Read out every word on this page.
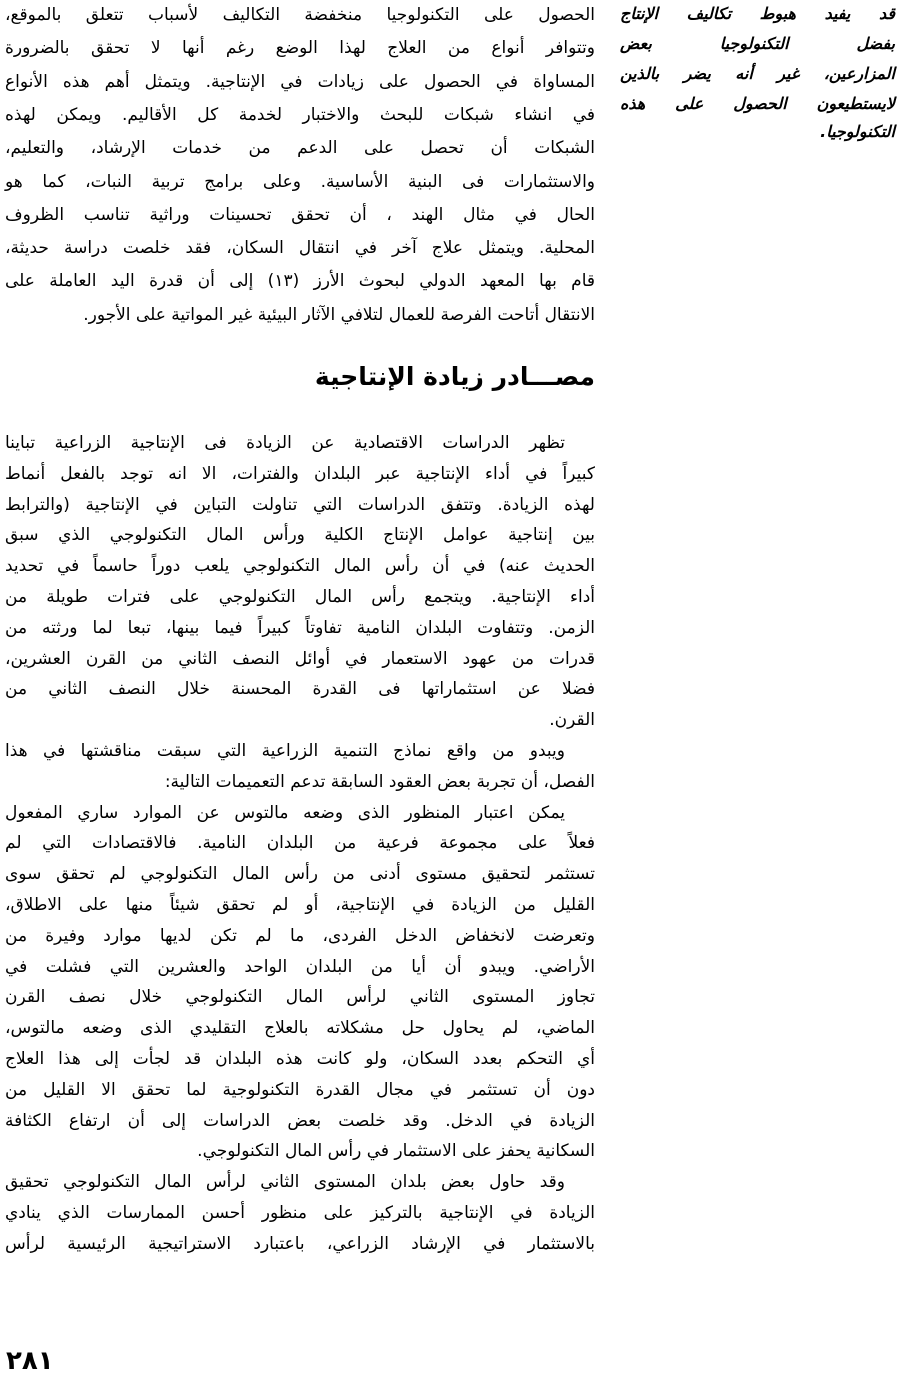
قد يفيد هبوط تكاليف الإنتاج
بفضل التكنولوجيا بعض
المزارعين، غير أنه يضر بالذين
لايستطيعون الحصول على هذه
التكنولوجيا.
الحصول على التكنولوجيا منخفضة التكاليف لأسباب تتعلق بالموقع،
وتتوافر أنواع من العلاج لهذا الوضع رغم أنها لا تحقق بالضرورة
المساواة في الحصول على زيادات في الإنتاجية. ويتمثل أهم هذه الأنواع
في انشاء شبكات للبحث والاختبار لخدمة كل الأقاليم. ويمكن لهذه
الشبكات أن تحصل على الدعم من خدمات الإرشاد، والتعليم،
والاستثمارات فى البنية الأساسية. وعلى برامج تربية النبات، كما هو
الحال في مثال الهند ، أن تحقق تحسينات وراثية تناسب الظروف
المحلية. ويتمثل علاج آخر في انتقال السكان، فقد خلصت دراسة حديثة،
قام بها المعهد الدولي لبحوث الأرز (١٣) إلى أن قدرة اليد العاملة على
الانتقال أتاحت الفرصة للعمال لتلافي الآثار البيئية غير المواتية على الأجور.
مصـــادر زيادة الإنتاجية
تظهر الدراسات الاقتصادية عن الزيادة فى الإنتاجية الزراعية تباينا
كبيراً في أداء الإنتاجية عبر البلدان والفترات، الا انه توجد بالفعل أنماط
لهذه الزيادة. وتتفق الدراسات التي تناولت التباين في الإنتاجية (والترابط
بين إنتاجية عوامل الإنتاج الكلية ورأس المال التكنولوجي الذي سبق
الحديث عنه) في أن رأس المال التكنولوجي يلعب دوراً حاسماً في تحديد
أداء الإنتاجية. ويتجمع رأس المال التكنولوجي على فترات طويلة من
الزمن. وتتفاوت البلدان النامية تفاوتاً كبيراً فيما بينها، تبعا لما ورثته من
قدرات من عهود الاستعمار في أوائل النصف الثاني من القرن العشرين،
فضلا عن استثماراتها فى القدرة المحسنة خلال النصف الثاني من
القرن.
ويبدو من واقع نماذج التنمية الزراعية التي سبقت مناقشتها في هذا
الفصل، أن تجربة بعض العقود السابقة تدعم التعميمات التالية:
يمكن اعتبار المنظور الذى وضعه مالتوس عن الموارد ساري المفعول
فعلاً على مجموعة فرعية من البلدان النامية. فالاقتصادات التي لم
تستثمر لتحقيق مستوى أدنى من رأس المال التكنولوجي لم تحقق سوى
القليل من الزيادة في الإنتاجية، أو لم تحقق شيئاً منها على الاطلاق،
وتعرضت لانخفاض الدخل الفردى، ما لم تكن لديها موارد وفيرة من
الأراضي. ويبدو أن أيا من البلدان الواحد والعشرين التي فشلت في
تجاوز المستوى الثاني لرأس المال التكنولوجي خلال نصف القرن
الماضي، لم يحاول حل مشكلاته بالعلاج التقليدي الذى وضعه مالتوس،
أي التحكم بعدد السكان، ولو كانت هذه البلدان قد لجأت إلى هذا العلاج
دون أن تستثمر في مجال القدرة التكنولوجية لما تحقق الا القليل من
الزيادة في الدخل. وقد خلصت بعض الدراسات إلى أن ارتفاع الكثافة
السكانية يحفز على الاستثمار في رأس المال التكنولوجي.
وقد حاول بعض بلدان المستوى الثاني لرأس المال التكنولوجي تحقيق
الزيادة في الإنتاجية بالتركيز على منظور أحسن الممارسات الذي ينادي
بالاستثمار في الإرشاد الزراعي، باعتبارد الاستراتيجية الرئيسية لرأس
٢٨١
